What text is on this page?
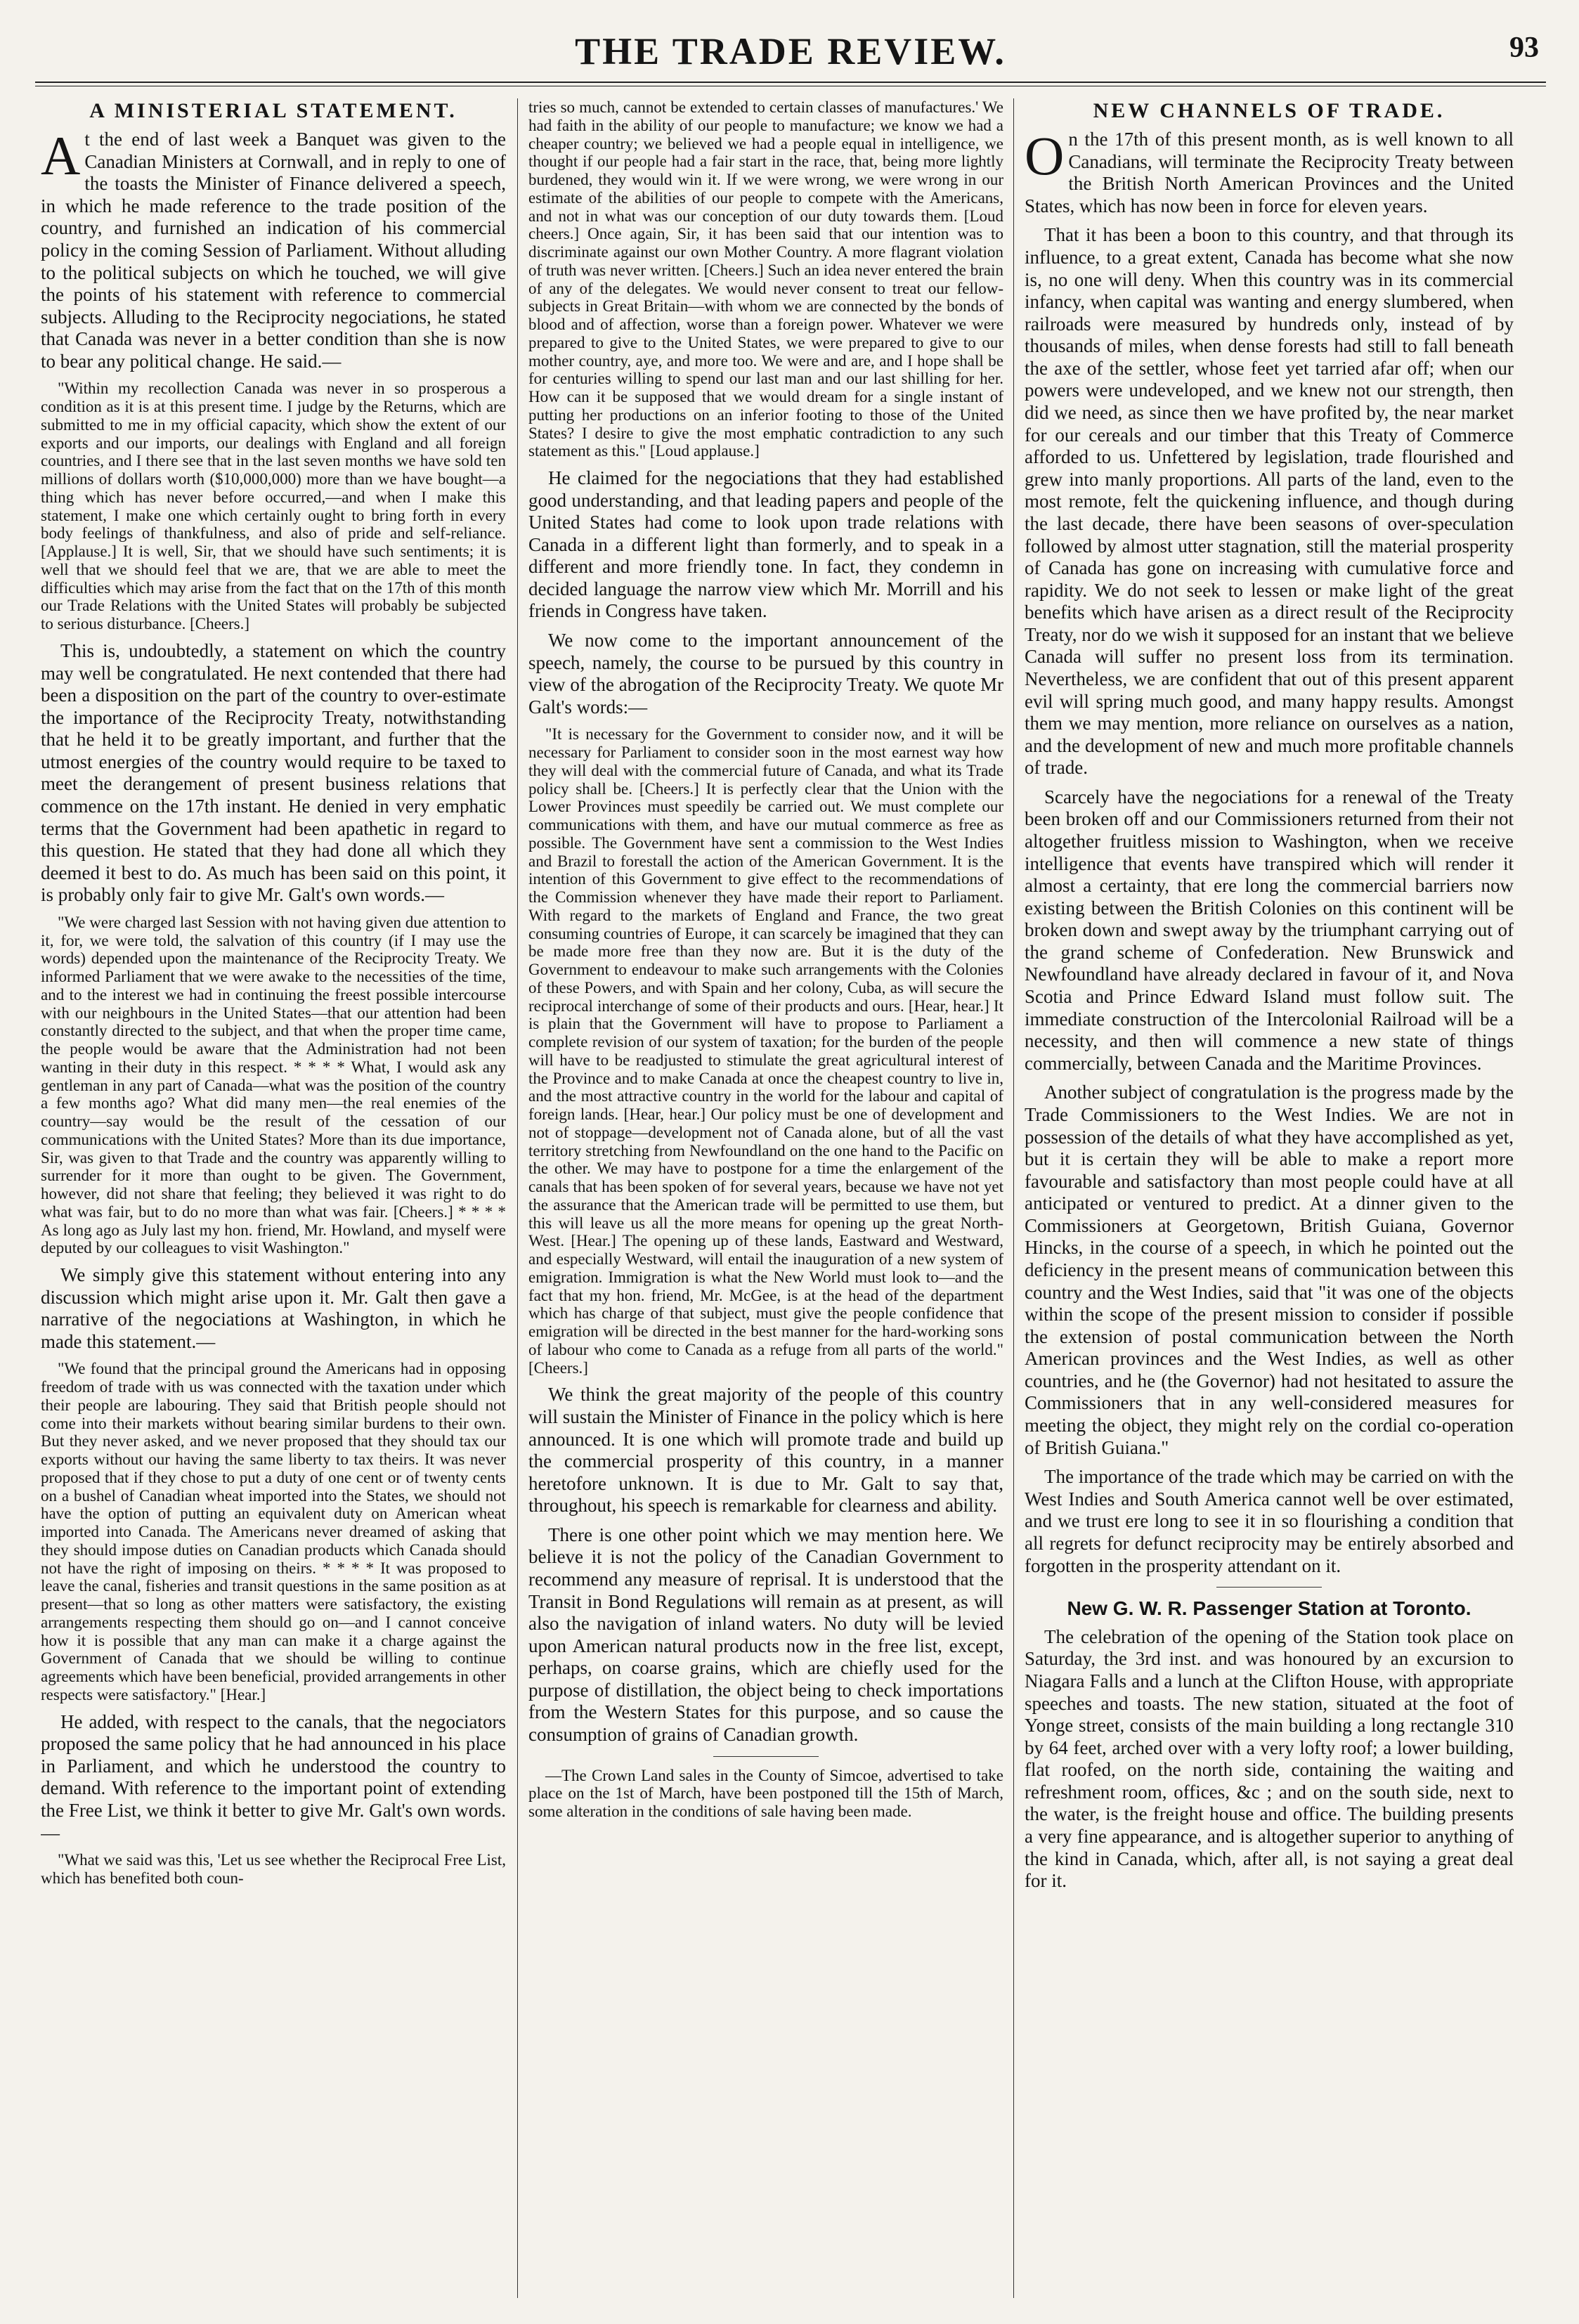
THE TRADE REVIEW.	93
A MINISTERIAL STATEMENT.

At the end of last week a Banquet was given to the Canadian Ministers at Cornwall, and in reply to one of the toasts the Minister of Finance delivered a speech, in which he made reference to the trade position of the country, and furnished an indication of his commercial policy in the coming Session of Parliament. Without alluding to the political subjects on which he touched, we will give the points of his statement with reference to commercial subjects. Alluding to the Reciprocity negociations, he stated that Canada was never in a better condition than she is now to bear any political change. He said.—

"Within my recollection Canada was never in so prosperous a condition as it is at this present time. I judge by the Returns, which are submitted to me in my official capacity, which show the extent of our exports and our imports, our dealings with England and all foreign countries, and I there see that in the last seven months we have sold ten millions of dollars worth ($10,000,000) more than we have bought—a thing which has never before occurred,—and when I make this statement, I make one which certainly ought to bring forth in every body feelings of thankfulness, and also of pride and self-reliance. [Applause.] It is well, Sir, that we should have such sentiments; it is well that we should feel that we are, that we are able to meet the difficulties which may arise from the fact that on the 17th of this month our Trade Relations with the United States will probably be subjected to serious disturbance. [Cheers.]

This is, undoubtedly, a statement on which the country may well be congratulated. He next contended that there had been a disposition on the part of the country to over-estimate the importance of the Reciprocity Treaty, notwithstanding that he held it to be greatly important, and further that the utmost energies of the country would require to be taxed to meet the derangement of present business relations that commence on the 17th instant. He denied in very emphatic terms that the Government had been apathetic in regard to this question. He stated that they had done all which they deemed it best to do. As much has been said on this point, it is probably only fair to give Mr. Galt's own words.—

"We were charged last Session with not having given due attention to it, for, we were told, the salvation of this country (if I may use the words) depended upon the maintenance of the Reciprocity Treaty. We informed Parliament that we were awake to the necessities of the time, and to the interest we had in continuing the freest possible intercourse with our neighbours in the United States—that our attention had been constantly directed to the subject, and that when the proper time came, the people would be aware that the Administration had not been wanting in their duty in this respect. * * * * What, I would ask any gentleman in any part of Canada—what was the position of the country a few months ago? What did many men—the real enemies of the country—say would be the result of the cessation of our communications with the United States? More than its due importance, Sir, was given to that Trade and the country was apparently willing to surrender for it more than ought to be given. The Government, however, did not share that feeling; they believed it was right to do what was fair, but to do no more than what was fair. [Cheers.] * * * * As long ago as July last my hon. friend, Mr. Howland, and myself were deputed by our colleagues to visit Washington."

We simply give this statement without entering into any discussion which might arise upon it. Mr. Galt then gave a narrative of the negociations at Washington, in which he made this statement.—

"We found that the principal ground the Americans had in opposing freedom of trade with us was connected with the taxation under which their people are labouring. They said that British people should not come into their markets without bearing similar burdens to their own. But they never asked, and we never proposed that they should tax our exports without our having the same liberty to tax theirs. It was never proposed that if they chose to put a duty of one cent or of twenty cents on a bushel of Canadian wheat imported into the States, we should not have the option of putting an equivalent duty on American wheat imported into Canada. The Americans never dreamed of asking that they should impose duties on Canadian products which Canada should not have the right of imposing on theirs. * * * * It was proposed to leave the canal, fisheries and transit questions in the same position as at present—that so long as other matters were satisfactory, the existing arrangements respecting them should go on—and I cannot conceive how it is possible that any man can make it a charge against the Government of Canada that we should be willing to continue agreements which have been beneficial, provided arrangements in other respects were satisfactory." [Hear.]

He added, with respect to the canals, that the negociators proposed the same policy that he had announced in his place in Parliament, and which he understood the country to demand. With reference to the important point of extending the Free List, we think it better to give Mr. Galt's own words.—

"What we said was this, 'Let us see whether the Reciprocal Free List, which has benefited both coun-

tries so much, cannot be extended to certain classes of manufactures.' We had faith in the ability of our people to manufacture; we know we had a cheaper country; we believed we had a people equal in intelligence, we thought if our people had a fair start in the race, that, being more lightly burdened, they would win it. If we were wrong, we were wrong in our estimate of the abilities of our people to compete with the Americans, and not in what was our conception of our duty towards them. [Loud cheers.] Once again, Sir, it has been said that our intention was to discriminate against our own Mother Country. A more flagrant violation of truth was never written. [Cheers.] Such an idea never entered the brain of any of the delegates. We would never consent to treat our fellow-subjects in Great Britain—with whom we are connected by the bonds of blood and of affection, worse than a foreign power. Whatever we were prepared to give to the United States, we were prepared to give to our mother country, aye, and more too. We were and are, and I hope shall be for centuries willing to spend our last man and our last shilling for her. How can it be supposed that we would dream for a single instant of putting her productions on an inferior footing to those of the United States? I desire to give the most emphatic contradiction to any such statement as this." [Loud applause.]

He claimed for the negociations that they had established good understanding, and that leading papers and people of the United States had come to look upon trade relations with Canada in a different light than formerly, and to speak in a different and more friendly tone. In fact, they condemn in decided language the narrow view which Mr. Morrill and his friends in Congress have taken.

We now come to the important announcement of the speech, namely, the course to be pursued by this country in view of the abrogation of the Reciprocity Treaty. We quote Mr Galt's words:—

"It is necessary for the Government to consider now, and it will be necessary for Parliament to consider soon in the most earnest way how they will deal with the commercial future of Canada, and what its Trade policy shall be. [Cheers.] It is perfectly clear that the Union with the Lower Provinces must speedily be carried out. We must complete our communications with them, and have our mutual commerce as free as possible. The Government have sent a commission to the West Indies and Brazil to forestall the action of the American Government. It is the intention of this Government to give effect to the recommendations of the Commission whenever they have made their report to Parliament. With regard to the markets of England and France, the two great consuming countries of Europe, it can scarcely be imagined that they can be made more free than they now are. But it is the duty of the Government to endeavour to make such arrangements with the Colonies of these Powers, and with Spain and her colony, Cuba, as will secure the reciprocal interchange of some of their products and ours. [Hear, hear.] It is plain that the Government will have to propose to Parliament a complete revision of our system of taxation; for the burden of the people will have to be readjusted to stimulate the great agricultural interest of the Province and to make Canada at once the cheapest country to live in, and the most attractive country in the world for the labour and capital of foreign lands. [Hear, hear.] Our policy must be one of development and not of stoppage—development not of Canada alone, but of all the vast territory stretching from Newfoundland on the one hand to the Pacific on the other. We may have to postpone for a time the enlargement of the canals that has been spoken of for several years, because we have not yet the assurance that the American trade will be permitted to use them, but this will leave us all the more means for opening up the great North-West. [Hear.] The opening up of these lands, Eastward and Westward, and especially Westward, will entail the inauguration of a new system of emigration. Immigration is what the New World must look to—and the fact that my hon. friend, Mr. McGee, is at the head of the department which has charge of that subject, must give the people confidence that emigration will be directed in the best manner for the hard-working sons of labour who come to Canada as a refuge from all parts of the world." [Cheers.]

We think the great majority of the people of this country will sustain the Minister of Finance in the policy which is here announced. It is one which will promote trade and build up the commercial prosperity of this country, in a manner heretofore unknown. It is due to Mr. Galt to say that, throughout, his speech is remarkable for clearness and ability.

There is one other point which we may mention here. We believe it is not the policy of the Canadian Government to recommend any measure of reprisal. It is understood that the Transit in Bond Regulations will remain as at present, as will also the navigation of inland waters. No duty will be levied upon American natural products now in the free list, except, perhaps, on coarse grains, which are chiefly used for the purpose of distillation, the object being to check importations from the Western States for this purpose, and so cause the consumption of grains of Canadian growth.

—The Crown Land sales in the County of Simcoe, advertised to take place on the 1st of March, have been postponed till the 15th of March, some alteration in the conditions of sale having been made.

NEW CHANNELS OF TRADE.

On the 17th of this present month, as is well known to all Canadians, will terminate the Reciprocity Treaty between the British North American Provinces and the United States, which has now been in force for eleven years.

That it has been a boon to this country, and that through its influence, to a great extent, Canada has become what she now is, no one will deny. When this country was in its commercial infancy, when capital was wanting and energy slumbered, when railroads were measured by hundreds only, instead of by thousands of miles, when dense forests had still to fall beneath the axe of the settler, whose feet yet tarried afar off; when our powers were undeveloped, and we knew not our strength, then did we need, as since then we have profited by, the near market for our cereals and our timber that this Treaty of Commerce afforded to us. Unfettered by legislation, trade flourished and grew into manly proportions. All parts of the land, even to the most remote, felt the quickening influence, and though during the last decade, there have been seasons of over-speculation followed by almost utter stagnation, still the material prosperity of Canada has gone on increasing with cumulative force and rapidity. We do not seek to lessen or make light of the great benefits which have arisen as a direct result of the Reciprocity Treaty, nor do we wish it supposed for an instant that we believe Canada will suffer no present loss from its termination. Nevertheless, we are confident that out of this present apparent evil will spring much good, and many happy results. Amongst them we may mention, more reliance on ourselves as a nation, and the development of new and much more profitable channels of trade.

Scarcely have the negociations for a renewal of the Treaty been broken off and our Commissioners returned from their not altogether fruitless mission to Washington, when we receive intelligence that events have transpired which will render it almost a certainty, that ere long the commercial barriers now existing between the British Colonies on this continent will be broken down and swept away by the triumphant carrying out of the grand scheme of Confederation. New Brunswick and Newfoundland have already declared in favour of it, and Nova Scotia and Prince Edward Island must follow suit. The immediate construction of the Intercolonial Railroad will be a necessity, and then will commence a new state of things commercially, between Canada and the Maritime Provinces.

Another subject of congratulation is the progress made by the Trade Commissioners to the West Indies. We are not in possession of the details of what they have accomplished as yet, but it is certain they will be able to make a report more favourable and satisfactory than most people could have at all anticipated or ventured to predict. At a dinner given to the Commissioners at Georgetown, British Guiana, Governor Hincks, in the course of a speech, in which he pointed out the deficiency in the present means of communication between this country and the West Indies, said that "it was one of the objects within the scope of the present mission to consider if possible the extension of postal communication between the North American provinces and the West Indies, as well as other countries, and he (the Governor) had not hesitated to assure the Commissioners that in any well-considered measures for meeting the object, they might rely on the cordial co-operation of British Guiana."

The importance of the trade which may be carried on with the West Indies and South America cannot well be over estimated, and we trust ere long to see it in so flourishing a condition that all regrets for defunct reciprocity may be entirely absorbed and forgotten in the prosperity attendant on it.

New G. W. R. Passenger Station at Toronto.

The celebration of the opening of the Station took place on Saturday, the 3rd inst. and was honoured by an excursion to Niagara Falls and a lunch at the Clifton House, with appropriate speeches and toasts. The new station, situated at the foot of Yonge street, consists of the main building a long rectangle 310 by 64 feet, arched over with a very lofty roof; a lower building, flat roofed, on the north side, containing the waiting and refreshment room, offices, &c ; and on the south side, next to the water, is the freight house and office. The building presents a very fine appearance, and is altogether superior to anything of the kind in Canada, which, after all, is not saying a great deal for it.
